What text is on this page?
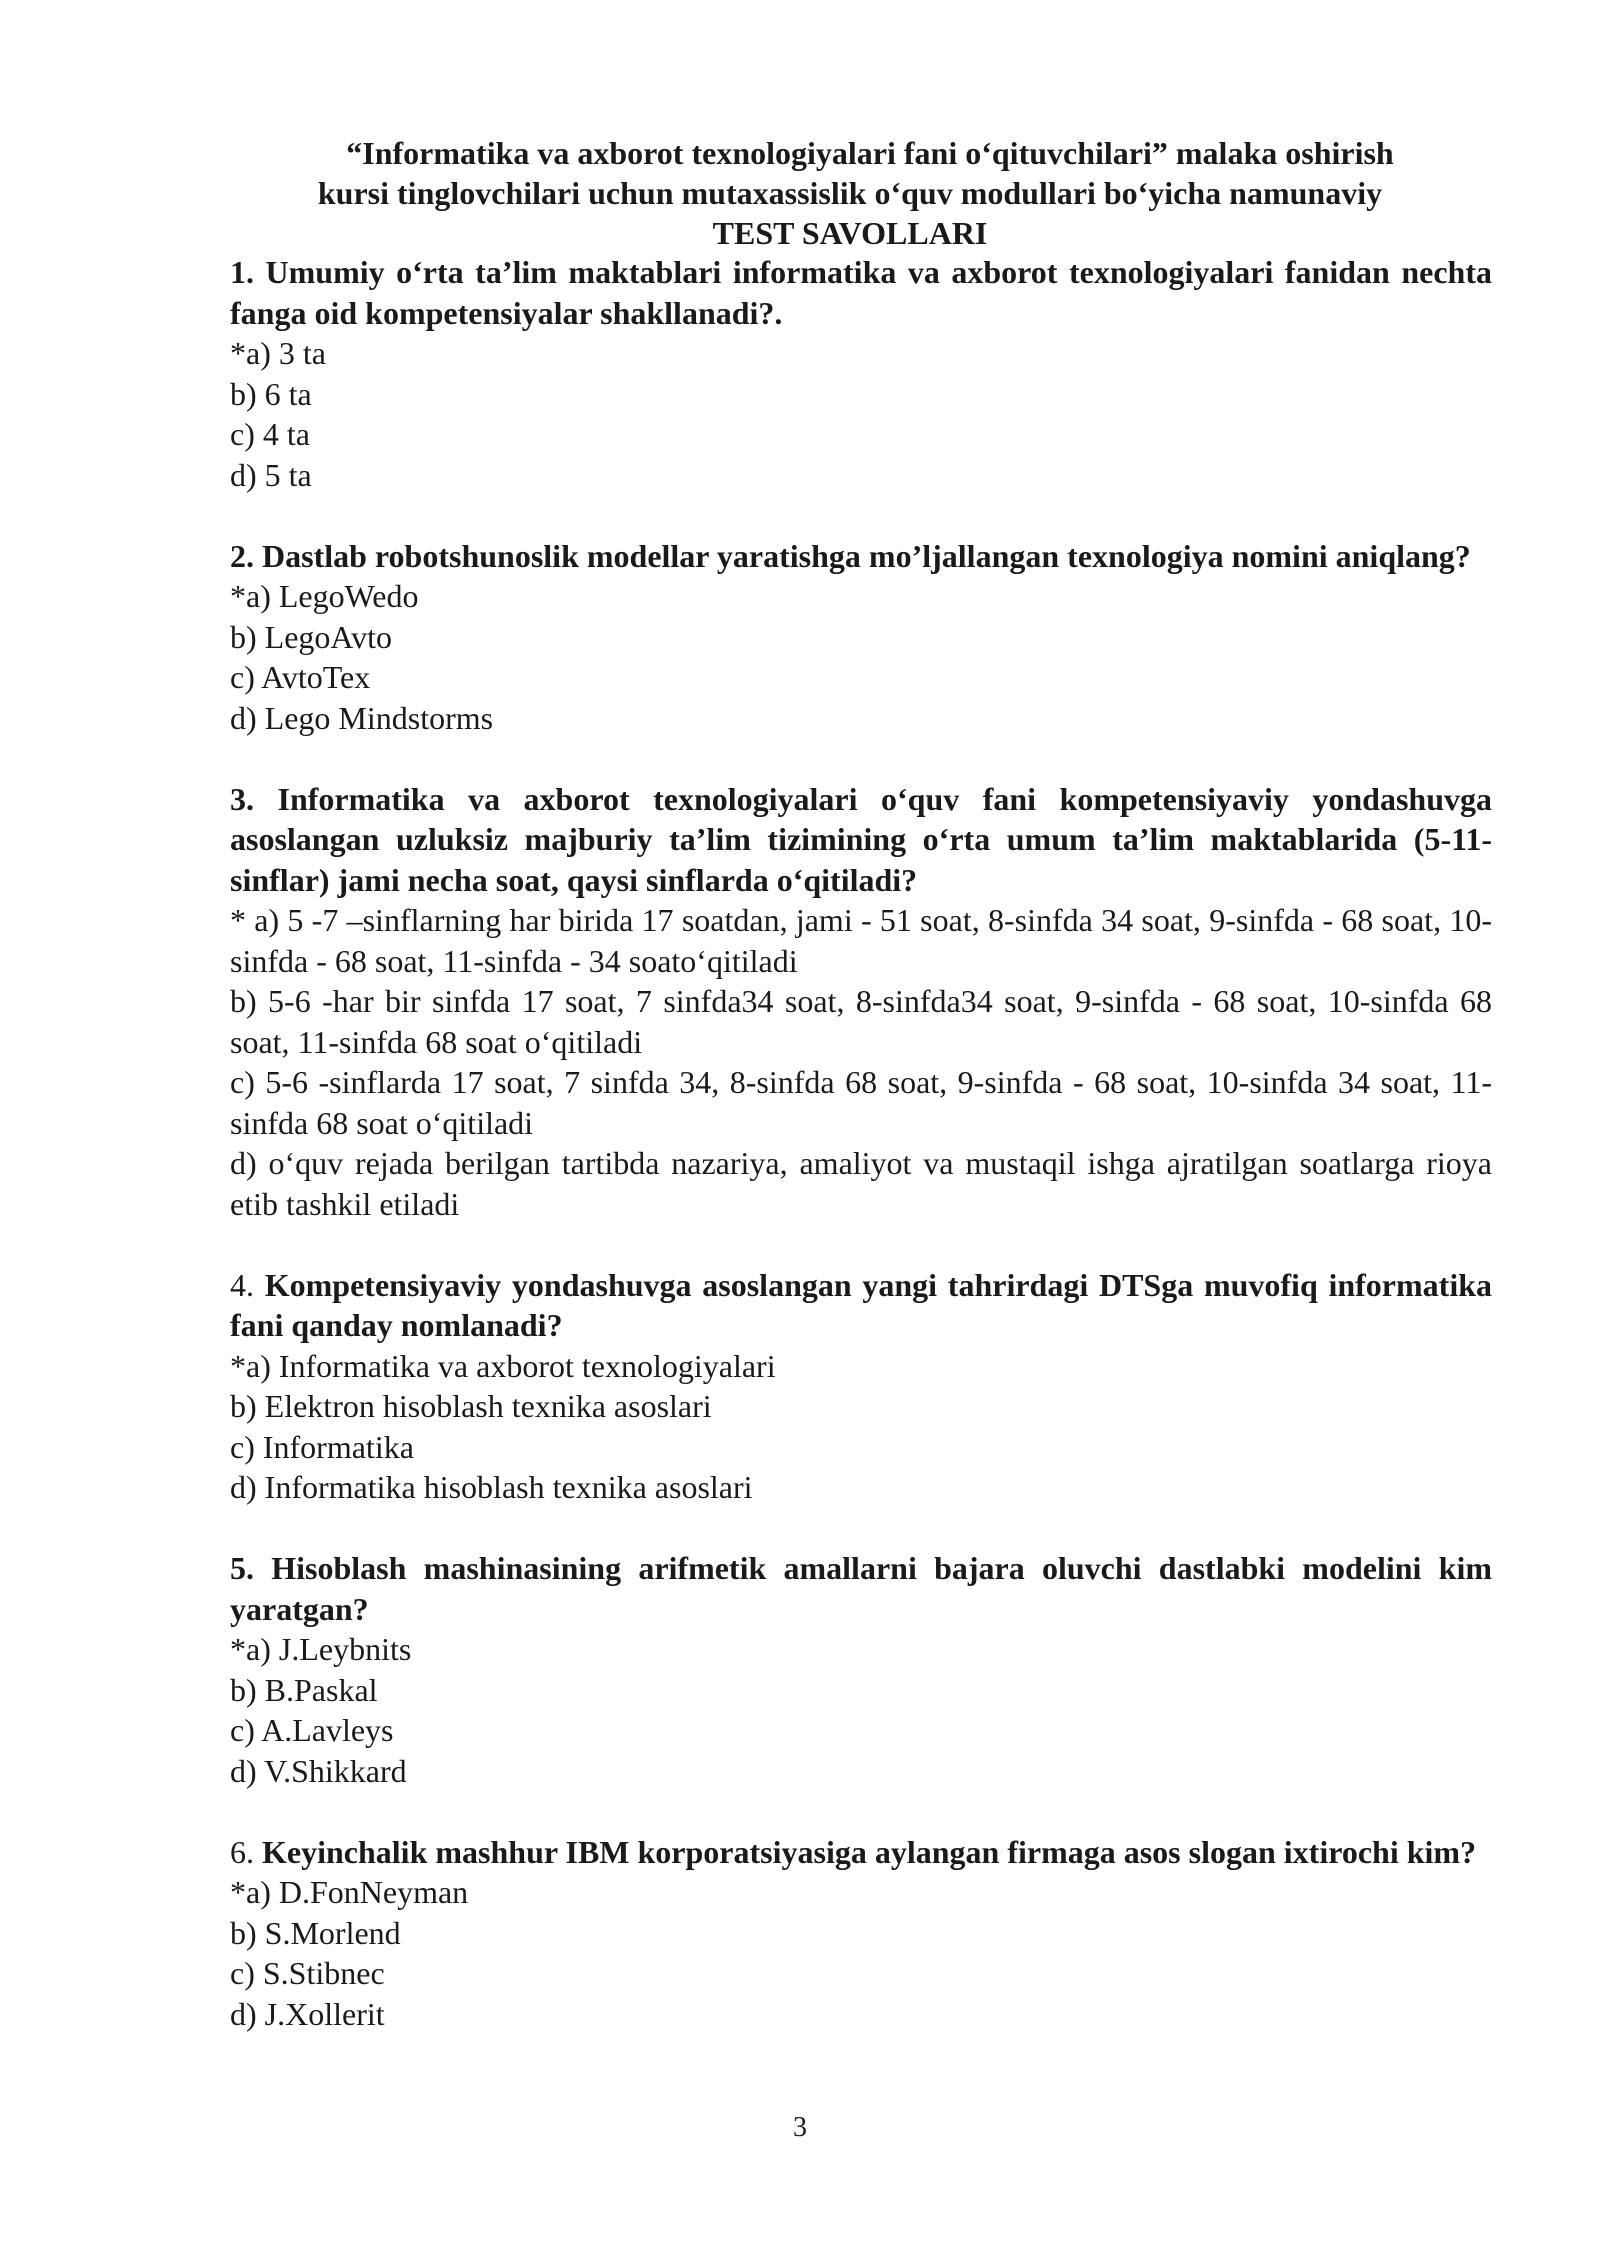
“Informatika va axborot texnologiyalari fani o‘qituvchilari” malaka oshirish
kursi tinglovchilari uchun mutaxassislik o‘quv modullari bo‘yicha namunaviy
TEST SAVOLLARI
1. Umumiy o‘rta ta’lim maktablari informatika va axborot texnologiyalari fanidan nechta fanga oid kompetensiyalar shakllanadi?.
*a) 3 ta
b) 6 ta
c) 4 ta
d) 5 ta
2. Dastlab robotshunoslik modellar yaratishga mo’ljallangan texnologiya nomini aniqlang?
*a) LegoWedo
b) LegoAvto
c) AvtoTex
d) Lego Mindstorms
3. Informatika va axborot texnologiyalari o‘quv fani kompetensiyaviy yondashuvga asoslangan uzluksiz majburiy ta’lim tizimining o‘rta umum ta’lim maktablarida (5-11-sinflar) jami necha soat, qaysi sinflarda o‘qitiladi?
* a) 5 -7 –sinflarning har birida 17 soatdan, jami - 51 soat, 8-sinfda 34 soat, 9-sinfda - 68 soat, 10-sinfda - 68 soat, 11-sinfda - 34 soato‘qitiladi
b) 5-6 -har bir sinfda 17 soat, 7 sinfda34 soat, 8-sinfda34 soat, 9-sinfda - 68 soat, 10-sinfda 68 soat, 11-sinfda 68 soat o‘qitiladi
c) 5-6 -sinflarda 17 soat, 7 sinfda 34, 8-sinfda 68 soat, 9-sinfda - 68 soat, 10-sinfda 34 soat, 11-sinfda 68 soat o‘qitiladi
d) o‘quv rejada berilgan tartibda nazariya, amaliyot va mustaqil ishga ajratilgan soatlarga rioya etib tashkil etiladi
4. Kompetensiyaviy yondashuvga asoslangan yangi tahrirdagi DTSga muvofiq informatika fani qanday nomlanadi?
*a) Informatika va axborot texnologiyalari
b) Elektron hisoblash texnika asoslari
c) Informatika
d) Informatika hisoblash texnika asoslari
5. Hisoblash mashinasining arifmetik amallarni bajara oluvchi dastlabki modelini kim yaratgan?
*a) J.Leybnits
b) B.Paskal
c) A.Lavleys
d) V.Shikkard
6. Keyinchalik mashhur IBM korporatsiyasiga aylangan firmaga asos slogan ixtirochi kim?
*a) D.FonNeyman
b) S.Morlend
c) S.Stibnec
d) J.Xollerit
3
